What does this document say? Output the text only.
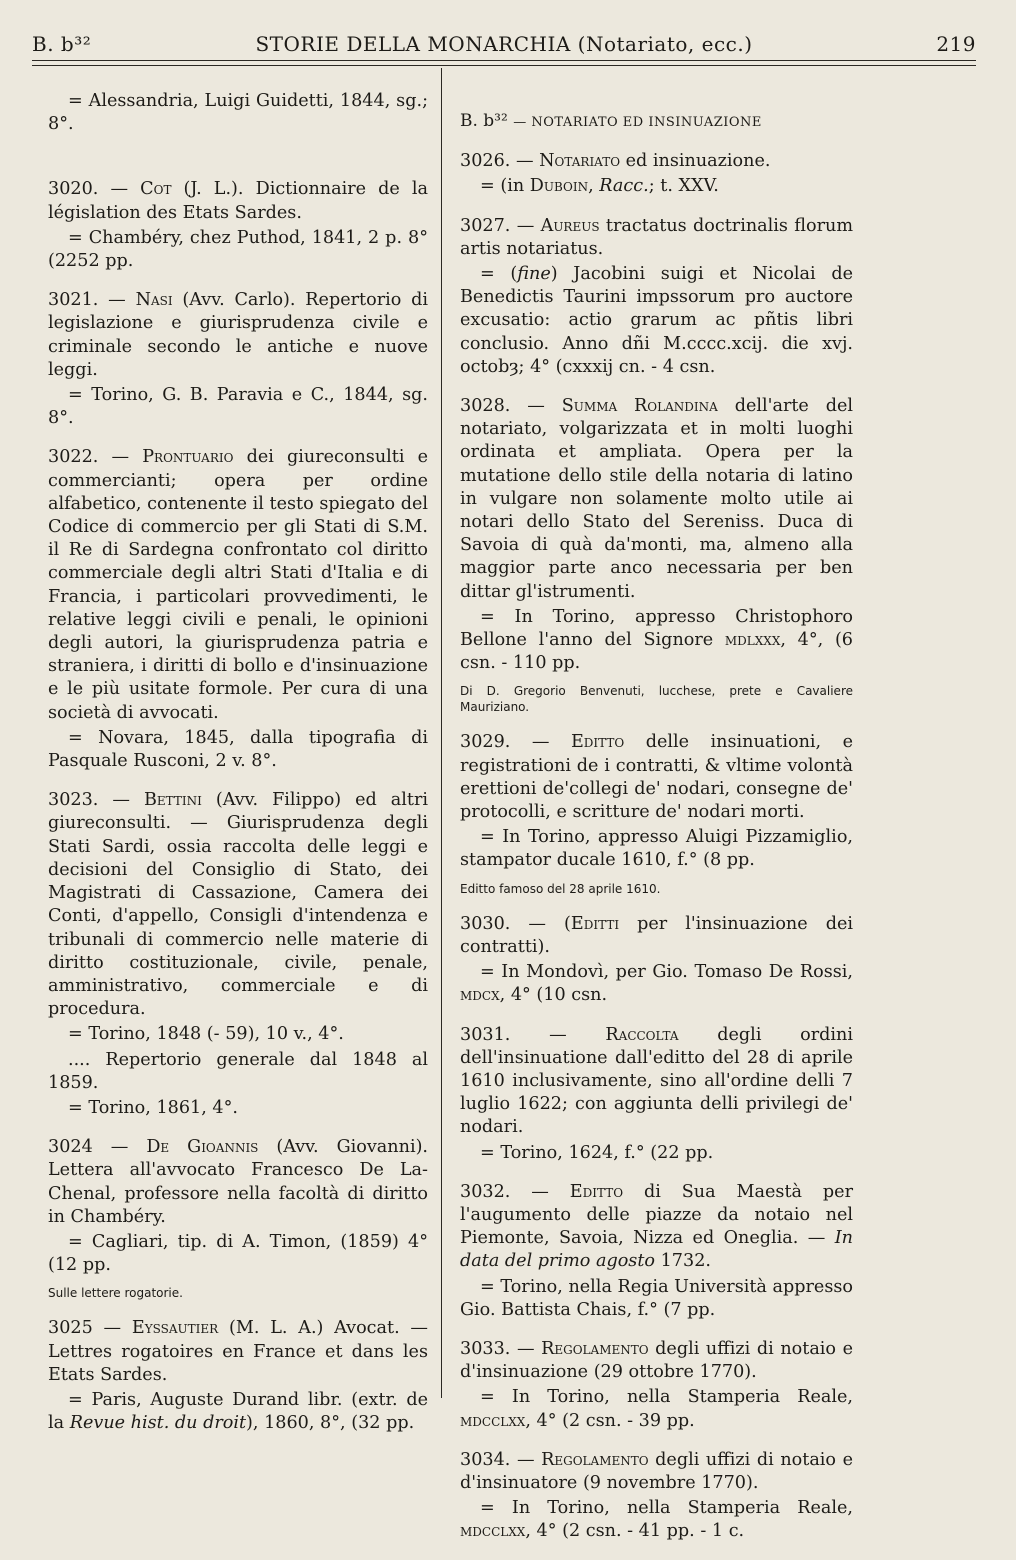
B. b³²	STORIE DELLA MONARCHIA (Notariato, ecc.)	219

= Alessandria, Luigi Guidetti, 1844, sg.; 8°.

3020. — Cot (J. L.). Dictionnaire de la législation des Etats Sardes.

= Chambéry, chez Puthod, 1841, 2 p. 8° (2252 pp.

3021. — Nasi (Avv. Carlo). Repertorio di legislazione e giurisprudenza civile e criminale secondo le antiche e nuove leggi.

= Torino, G. B. Paravia e C., 1844, sg. 8°.

3022. — Prontuario dei giureconsulti e commercianti; opera per ordine alfabetico, contenente il testo spiegato del Codice di commercio per gli Stati di S.M. il Re di Sardegna confrontato col diritto commerciale degli altri Stati d'Italia e di Francia, i particolari provvedimenti, le relative leggi civili e penali, le opinioni degli autori, la giurisprudenza patria e straniera, i diritti di bollo e d'insinuazione e le più usitate formole. Per cura di una società di avvocati.

= Novara, 1845, dalla tipografia di Pasquale Rusconi, 2 v. 8°.

3023. — Bettini (Avv. Filippo) ed altri giureconsulti. — Giurisprudenza degli Stati Sardi, ossia raccolta delle leggi e decisioni del Consiglio di Stato, dei Magistrati di Cassazione, Camera dei Conti, d'appello, Consigli d'intendenza e tribunali di commercio nelle materie di diritto costituzionale, civile, penale, amministrativo, commerciale e di procedura.

= Torino, 1848 (- 59), 10 v., 4°.

.... Repertorio generale dal 1848 al 1859.

= Torino, 1861, 4°.

3024 — De Gioannis (Avv. Giovanni). Lettera all'avvocato Francesco De La-Chenal, professore nella facoltà di diritto in Chambéry.

= Cagliari, tip. di A. Timon, (1859) 4° (12 pp.

Sulle lettere rogatorie.

3025 — Eyssautier (M. L. A.) Avocat. — Lettres rogatoires en France et dans les Etats Sardes.

= Paris, Auguste Durand libr. (extr. de la Revue hist. du droit), 1860, 8°, (32 pp.

B. b³² — NOTARIATO ED INSINUAZIONE

3026. — Notariato ed insinuazione.

= (in Duboin, Racc.; t. XXV.

3027. — Aureus tractatus doctrinalis florum artis notariatus.

= (fine) Jacobini suigi et Nicolai de Benedictis Taurini impssorum pro auctore excusatio: actio grarum ac pñtis libri conclusio. Anno dñi M.cccc.xcij. die xvj. octobȝ; 4° (cxxxij cn. - 4 csn.

3028. — Summa Rolandina dell'arte del notariato, volgarizzata et in molti luoghi ordinata et ampliata. Opera per la mutatione dello stile della notaria di latino in vulgare non solamente molto utile ai notari dello Stato del Sereniss. Duca di Savoia di quà da'monti, ma, almeno alla maggior parte anco necessaria per ben dittar gl'istrumenti.

= In Torino, appresso Christophoro Bellone l'anno del Signore mdlxxx, 4°, (6 csn. - 110 pp.

Di D. Gregorio Benvenuti, lucchese, prete e Cavaliere Mauriziano.

3029. — Editto delle insinuationi, e registrationi de i contratti, & vltime volontà erettioni de'collegi de' nodari, consegne de' protocolli, e scritture de' nodari morti.

= In Torino, appresso Aluigi Pizzamiglio, stampator ducale 1610, f.° (8 pp.

Editto famoso del 28 aprile 1610.

3030. — (Editti per l'insinuazione dei contratti).

= In Mondovì, per Gio. Tomaso De Rossi, mdcx, 4° (10 csn.

3031. — Raccolta degli ordini dell'insinuatione dall'editto del 28 di aprile 1610 inclusivamente, sino all'ordine delli 7 luglio 1622; con aggiunta delli privilegi de' nodari.

= Torino, 1624, f.° (22 pp.

3032. — Editto di Sua Maestà per l'augumento delle piazze da notaio nel Piemonte, Savoia, Nizza ed Oneglia. — In data del primo agosto 1732.

= Torino, nella Regia Università appresso Gio. Battista Chais, f.° (7 pp.

3033. — Regolamento degli uffizi di notaio e d'insinuazione (29 ottobre 1770).

= In Torino, nella Stamperia Reale, mdcclxx, 4° (2 csn. - 39 pp.

3034. — Regolamento degli uffizi di notaio e d'insinuatore (9 novembre 1770).

= In Torino, nella Stamperia Reale, mdcclxx, 4° (2 csn. - 41 pp. - 1 c.
